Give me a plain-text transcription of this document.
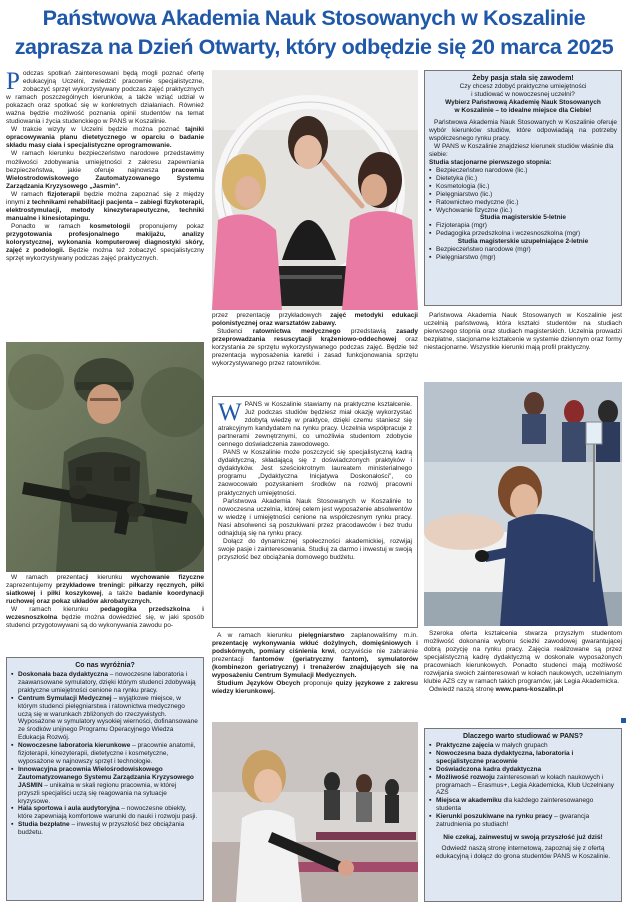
Państwowa Akademia Nauk Stosowanych w Koszalinie
zaprasza na Dzień Otwarty, który odbędzie się 20 marca 2025

Podczas spotkań zainteresowani będą mogli poznać ofertę edukacyjną Uczelni, zwiedzić pracownie specjalistyczne, zobaczyć sprzęt wykorzystywany podczas zajęć praktycznych w ramach poszczególnych kierunków, a także wziąć udział w pokazach oraz spotkać się w konkretnych działaniach. Również ważna będzie możliwość poznania opinii studentów na temat studiowania i życia studenckiego w PANS w Koszalinie.

W trakcie wizyty w Uczelni będzie można poznać tajniki opracowywania planu dietetycznego w oparciu o badanie składu masy ciała i specjalistyczne oprogramowanie.

W ramach kierunku bezpieczeństwo narodowe przedstawimy możliwości zdobywania umiejętności z zakresu zapewniania bezpieczeństwa, jakie oferuje najnowsza pracownia Wielostrodowiskowego Zautomatyzowanego Systemu Zarządzania Kryzysowego „Jasmin”.

W ramach fizjoterapii będzie można zapoznać się z między innymi z technikami rehabilitacji pacjenta – zabiegi fizykoterapii, elektrostymulacji, metody kinezyterapeutyczne, techniki manualne i kinesiotapingu.

Ponadto w ramach kosmetologii proponujemy pokaz przygotowania profesjonalnego makijażu, analizy kolorystycznej, wykonania komputerowej diagnostyki skóry, zajęć z podologii. Będzie można też zobaczyć specjalistyczny sprzęt wykorzystywany podczas zajęć praktycznych.

W ramach prezentacji kierunku wychowanie fizyczne zaprezentujemy przykładowe treningi: piłkarzy ręcznych, piłki siatkowej i piłki koszykowej, a także badanie koordynacji ruchowej oraz pokaz układów akrobatycznych.

W ramach kierunku pedagogika przedszkolna i wczesnoszkolna będzie można dowiedzieć się, w jaki sposób studenci przygotowywani są do wykonywania zawodu po-

Co nas wyróżnia?
▪ Doskonała baza dydaktyczna – nowoczesne laboratoria i zaawansowane symulatory, dzięki którym studenci zdobywają praktyczne umiejętności cenione na rynku pracy.
▪ Centrum Symulacji Medycznej – wyjątkowe miejsce, w którym studenci pielęgniarstwa i ratownictwa medycznego uczą się w warunkach zbliżonych do rzeczywistych. Wyposażone w symulatory wysokiej wierności, dofinansowane ze środków unijnego Programu Operacyjnego Wiedza Edukacja Rozwój.
▪ Nowoczesne laboratoria kierunkowe – pracownie anatomii, fizjoterapii, kinezyterapii, dietetyczne i kosmetyczne, wyposażone w najnowszy sprzęt i technologie.
▪ Innowacyjna pracownia Wielośrodowiskowego Zautomatyzowanego Systemu Zarządzania Kryzysowego JASMIN – unikalna w skali regionu pracownia, w której przyszli specjaliści uczą się reagowania na sytuacje kryzysowe.
▪ Hala sportowa i aula audytoryjna – nowoczesne obiekty, które zapewniają komfortowe warunki do nauki i rozwoju pasji.
▪ Studia bezpłatne – inwestuj w przyszłość bez obciążania budżetu.

przez prezentację przykładowych zajęć metodyki edukacji polonistycznej oraz warsztatów zabawy.

Studenci ratownictwa medycznego przedstawią zasady przeprowadzania resuscytacji krążeniowo-oddechowej oraz korzystania ze sprzętu wykorzystywanego podczas zajęć. Będzie też prezentacja wyposażenia karetki i zasad funkcjonowania sprzętu wykorzystywanego przez ratowników.

WPANS w Koszalinie stawiamy na praktyczne kształcenie. Już podczas studiów będziesz miał okazję wykorzystać zdobytą wiedzę w praktyce, dzięki czemu staniesz się atrakcyjnym kandydatem na rynku pracy. Uczelnia współpracuje z partnerami zewnętrznymi, co umożliwia studentom zdobycie cennego doświadczenia zawodowego.

PANS w Koszalinie może poszczycić się specjalistyczną kadrą dydaktyczną, składającą się z doświadczonych praktyków i dydaktyków. Jest sześciokrotnym laureatem ministerialnego programu „Dydaktyczna Inicjatywa Doskonałości”, co zaowocowało pozyskaniem środków na rozwój pracowni praktycznych umiejętności.

Państwowa Akademia Nauk Stosowanych w Koszalinie to nowoczesna uczelnia, której celem jest wyposażenie absolwentów w wiedzę i umiejętności cenione na współczesnym rynku pracy. Nasi absolwenci są poszukiwani przez pracodawców i bez trudu odnajdują się na rynku pracy.

Dołącz do dynamicznej społeczności akademickiej, rozwijaj swoje pasje i zainteresowania. Studiuj za darmo i inwestuj w swoją przyszłość bez obciążania domowego budżetu.

A w ramach kierunku pielęgniarstwo zaplanowaliśmy m.in. prezentację wykonywania wkłuć dożylnych, domięśniowych i podskórnych, pomiary ciśnienia krwi, oczywiście nie zabraknie prezentacji fantomów (geriatryczny fantom), symulatorów (kombinezon geriatryczny) i trenażerów znajdujących się na wyposażeniu Centrum Symulacji Medycznych.

Studium Języków Obcych proponuje quizy językowe z zakresu wiedzy kierunkowej.

Żeby pasja stała się zawodem!
Czy chcesz zdobyć praktyczne umiejętności
i studiować w nowoczesnej uczelni?
Wybierz Państwową Akademię Nauk Stosowanych
w Koszalinie – to idealne miejsce dla Ciebie!
Państwowa Akademia Nauk Stosowanych w Koszalinie oferuje wybór kierunków studiów, które odpowiadają na potrzeby współczesnego rynku pracy.
W PANS w Koszalinie znajdziesz kierunek studiów właśnie dla siebie:
Studia stacjonarne pierwszego stopnia:
▪ Bezpieczeństwo narodowe (lic.)
▪ Dietetyka (lic.)
▪ Kosmetologia (lic.)
▪ Pielęgniarstwo (lic.)
▪ Ratownictwo medyczne (lic.)
▪ Wychowanie fizyczne (lic.)
Studia magisterskie 5-letnie
▪ Fizjoterapia (mgr)
▪ Pedagogika przedszkolna i wczesnoszkolna (mgr)
Studia magisterskie uzupełniające 2-letnie
▪ Bezpieczeństwo narodowe (mgr)
▪ Pielęgniarstwo (mgr)

Państwowa Akademia Nauk Stosowanych w Koszalinie jest uczelnią państwową, która kształci studentów na studiach pierwszego stopnia oraz studiach magisterskich. Uczelnia prowadzi bezpłatne, stacjonarne kształcenie w systemie dziennym oraz formy niestacjonarne. Wszystkie kierunki mają profil praktyczny.

Szeroka oferta kształcenia stwarza przyszłym studentom możliwość dokonania wyboru ścieżki zawodowej gwarantującej dobrą pozycję na rynku pracy. Zajęcia realizowane są przez specjalistyczną kadrę dydaktyczną w doskonale wyposażonych pracowniach kierunkowych. Ponadto studenci mają możliwość rozwijania swoich zainteresowań w kołach naukowych, uczelnianym klubie AZS czy w ramach takich programów, jak Legia Akademicka.

Odwiedź naszą stronę www.pans-koszalin.pl

Dlaczego warto studiować w PANS?
▪ Praktyczne zajęcia w małych grupach
▪ Nowoczesna baza dydaktyczna, laboratoria i specjalistyczne pracownie
▪ Doświadczona kadra dydaktyczna
▪ Możliwość rozwoju zainteresowań w kołach naukowych i programach – Erasmus+, Legia Akademicka, Klub Uczelniany AZS
▪ Miejsca w akademiku dla każdego zainteresowanego studenta
▪ Kierunki poszukiwane na rynku pracy – gwarancja zatrudnienia po studiach!
Nie czekaj, zainwestuj w swoją przyszłość już dziś!
Odwiedź naszą stronę internetową, zapoznaj się z ofertą edukacyjną i dołącz do grona studentów PANS w Koszalinie.
